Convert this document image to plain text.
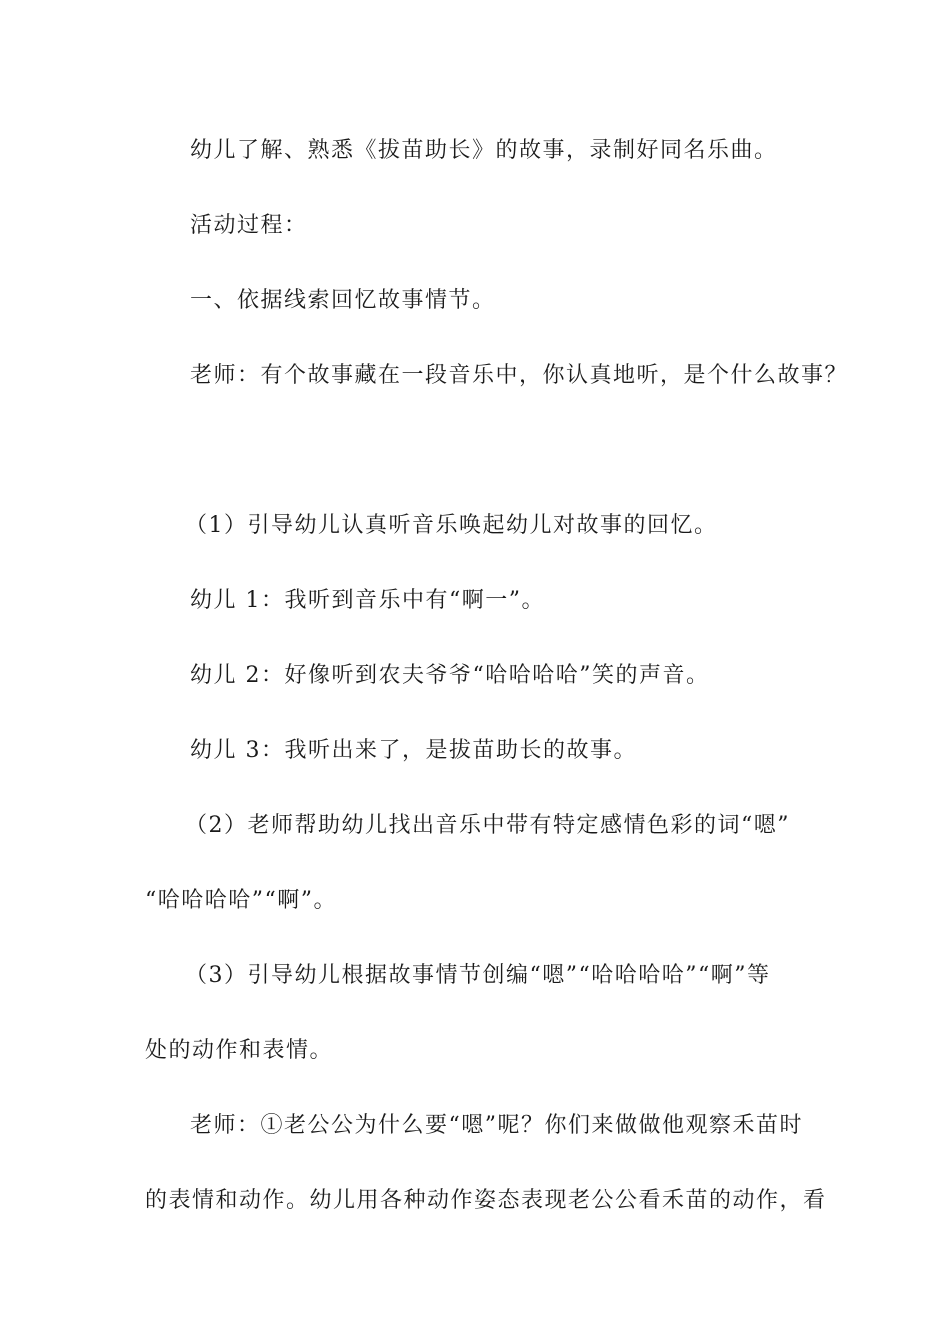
幼儿了解、熟悉《拔苗助长》的故事，录制好同名乐曲。
活动过程：
一、依据线索回忆故事情节。
老师：有个故事藏在一段音乐中，你认真地听，是个什么故事？
（1）引导幼儿认真听音乐唤起幼儿对故事的回忆。
幼儿 1：我听到音乐中有“啊一”。
幼儿 2：好像听到农夫爷爷“哈哈哈哈”笑的声音。
幼儿 3：我听出来了，是拔苗助长的故事。
（2）老师帮助幼儿找出音乐中带有特定感情色彩的词“嗯”
“哈哈哈哈”“啊”。
（3）引导幼儿根据故事情节创编“嗯”“哈哈哈哈”“啊”等
处的动作和表情。
老师：①老公公为什么要“嗯”呢？你们来做做他观察禾苗时
的表情和动作。幼儿用各种动作姿态表现老公公看禾苗的动作，看
